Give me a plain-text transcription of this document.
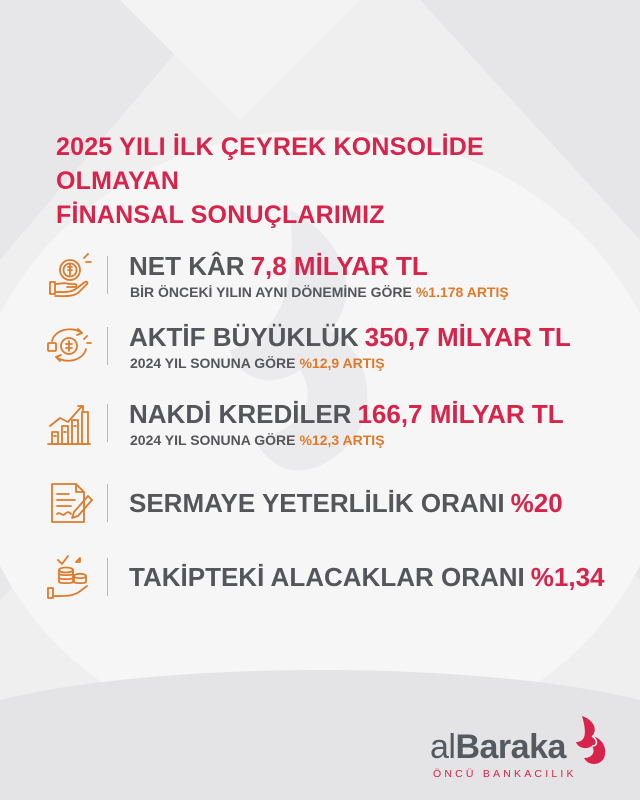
2025 YILI İLK ÇEYREK KONSOLİDE OLMAYAN
FİNANSAL SONUÇLARIMIZ
NET KÂR 7,8 MİLYAR TL
BİR ÖNCEKİ YILIN AYNI DÖNEMİNE GÖRE %1.178 ARTIŞ
AKTİF BÜYÜKLÜK 350,7 MİLYAR TL
2024 YIL SONUNA GÖRE %12,9 ARTIŞ
NAKDİ KREDİLER 166,7 MİLYAR TL
2024 YIL SONUNA GÖRE %12,3 ARTIŞ
SERMAYE YETERLİLİK ORANI %20
TAKİPTEKİ ALACAKLAR ORANI %1,34
alBaraka
ÖNCÜ BANKACILIK
